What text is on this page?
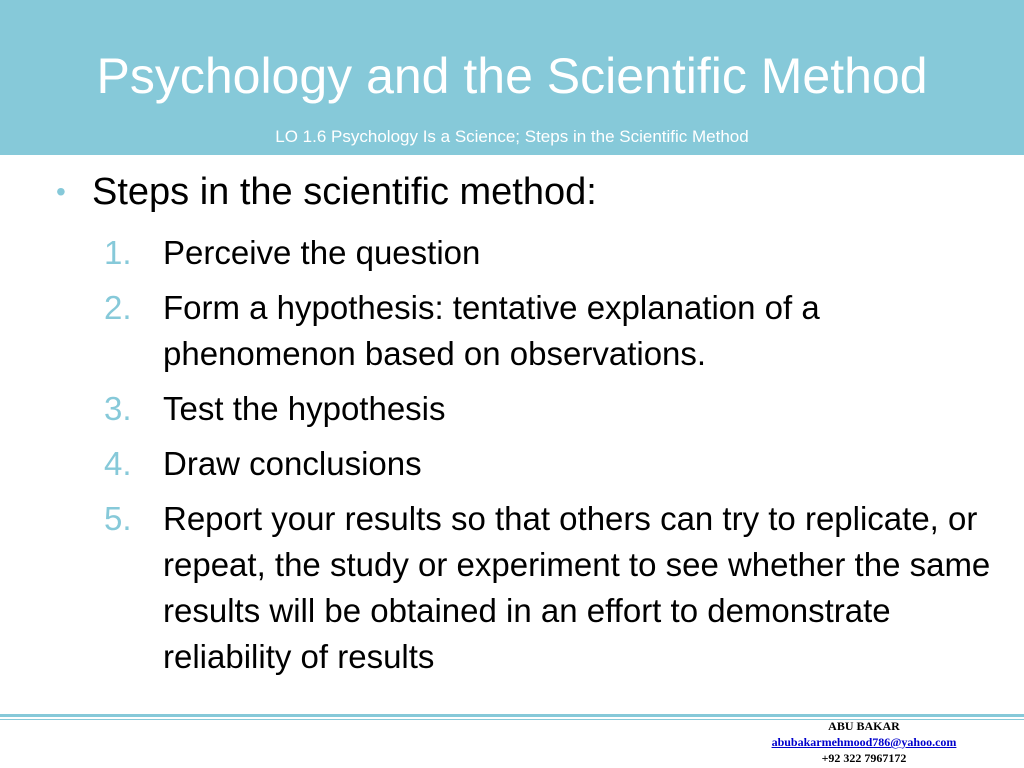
Psychology and the Scientific Method
LO 1.6 Psychology Is a Science; Steps in the Scientific Method
• Steps in the scientific method:
1. Perceive the question
2. Form a hypothesis: tentative explanation of a phenomenon based on observations.
3. Test the hypothesis
4. Draw conclusions
5. Report your results so that others can try to replicate, or repeat, the study or experiment to see whether the same results will be obtained in an effort to demonstrate reliability of results
ABU BAKAR
abubakarmehmood786@yahoo.com
+92 322 7967172
